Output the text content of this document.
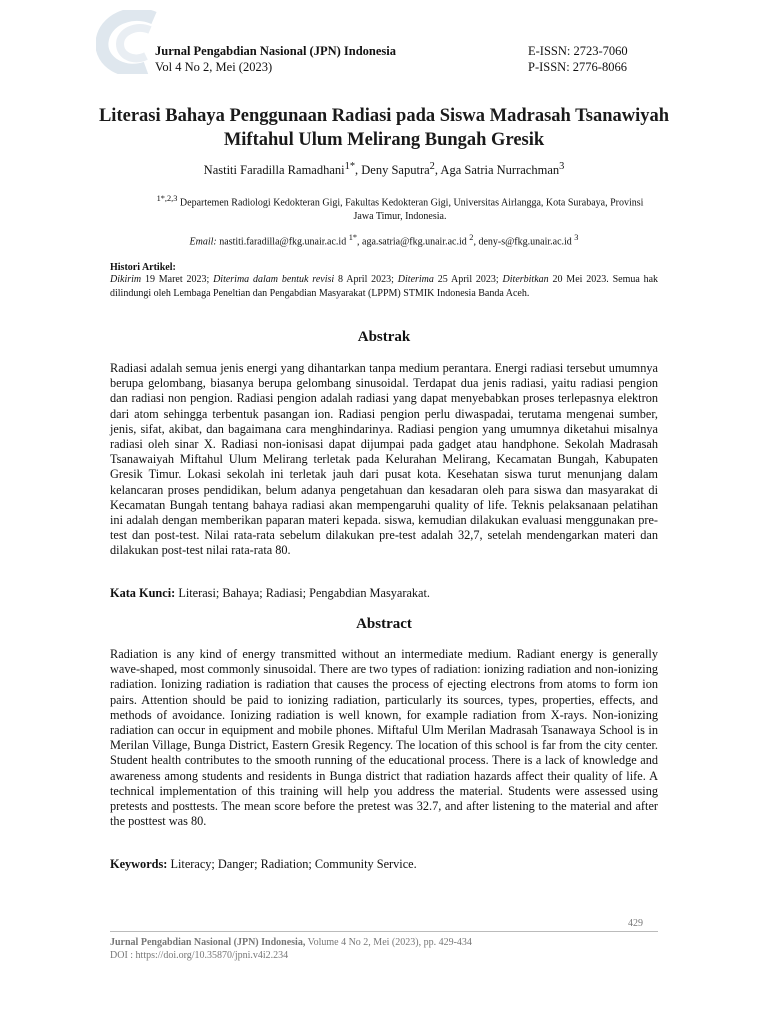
Jurnal Pengabdian Nasional (JPN) Indonesia
Vol 4 No 2, Mei (2023)
E-ISSN: 2723-7060
P-ISSN: 2776-8066
Literasi Bahaya Penggunaan Radiasi pada Siswa Madrasah Tsanawiyah Miftahul Ulum Melirang Bungah Gresik
Nastiti Faradilla Ramadhani$^{1*}$, Deny Saputra$^2$, Aga Satria Nurrachman$^3$
$^{1*,2,3}$ Departemen Radiologi Kedokteran Gigi, Fakultas Kedokteran Gigi, Universitas Airlangga, Kota Surabaya, Provinsi Jawa Timur, Indonesia.
Email: nastiti.faradilla@fkg.unair.ac.id $^{1*}$, aga.satria@fkg.unair.ac.id $^2$, deny-s@fkg.unair.ac.id $^3$
Histori Artikel:
Dikirim 19 Maret 2023; Diterima dalam bentuk revisi 8 April 2023; Diterima 25 April 2023; Diterbitkan 20 Mei 2023. Semua hak dilindungi oleh Lembaga Peneltian dan Pengabdian Masyarakat (LPPM) STMIK Indonesia Banda Aceh.
Abstrak
Radiasi adalah semua jenis energi yang dihantarkan tanpa medium perantara. Energi radiasi tersebut umumnya berupa gelombang, biasanya berupa gelombang sinusoidal. Terdapat dua jenis radiasi, yaitu radiasi pengion dan radiasi non pengion. Radiasi pengion adalah radiasi yang dapat menyebabkan proses terlepasnya elektron dari atom sehingga terbentuk pasangan ion. Radiasi pengion perlu diwaspadai, terutama mengenai sumber, jenis, sifat, akibat, dan bagaimana cara menghindarinya. Radiasi pengion yang umumnya diketahui misalnya radiasi oleh sinar X. Radiasi non-ionisasi dapat dijumpai pada gadget atau handphone. Sekolah Madrasah Tsanawaiyah Miftahul Ulum Melirang terletak pada Kelurahan Melirang, Kecamatan Bungah, Kabupaten Gresik Timur. Lokasi sekolah ini terletak jauh dari pusat kota. Kesehatan siswa turut menunjang dalam kelancaran proses pendidikan, belum adanya pengetahuan dan kesadaran oleh para siswa dan masyarakat di Kecamatan Bungah tentang bahaya radiasi akan mempengaruhi quality of life. Teknis pelaksanaan pelatihan ini adalah dengan memberikan paparan materi kepada. siswa, kemudian dilakukan evaluasi menggunakan pre-test dan post-test. Nilai rata-rata sebelum dilakukan pre-test adalah 32,7, setelah mendengarkan materi dan dilakukan post-test nilai rata-rata 80.
Kata Kunci: Literasi; Bahaya; Radiasi; Pengabdian Masyarakat.
Abstract
Radiation is any kind of energy transmitted without an intermediate medium. Radiant energy is generally wave-shaped, most commonly sinusoidal. There are two types of radiation: ionizing radiation and non-ionizing radiation. Ionizing radiation is radiation that causes the process of ejecting electrons from atoms to form ion pairs. Attention should be paid to ionizing radiation, particularly its sources, types, properties, effects, and methods of avoidance. Ionizing radiation is well known, for example radiation from X-rays. Non-ionizing radiation can occur in equipment and mobile phones. Miftaful Ulm Merilan Madrasah Tsanawaya School is in Merilan Village, Bunga District, Eastern Gresik Regency. The location of this school is far from the city center. Student health contributes to the smooth running of the educational process. There is a lack of knowledge and awareness among students and residents in Bunga district that radiation hazards affect their quality of life. A technical implementation of this training will help you address the material. Students were assessed using pretests and posttests. The mean score before the pretest was 32.7, and after listening to the material and after the posttest was 80.
Keywords: Literacy; Danger; Radiation; Community Service.
429
Jurnal Pengabdian Nasional (JPN) Indonesia, Volume 4 No 2, Mei (2023), pp. 429-434
DOI : https://doi.org/10.35870/jpni.v4i2.234
